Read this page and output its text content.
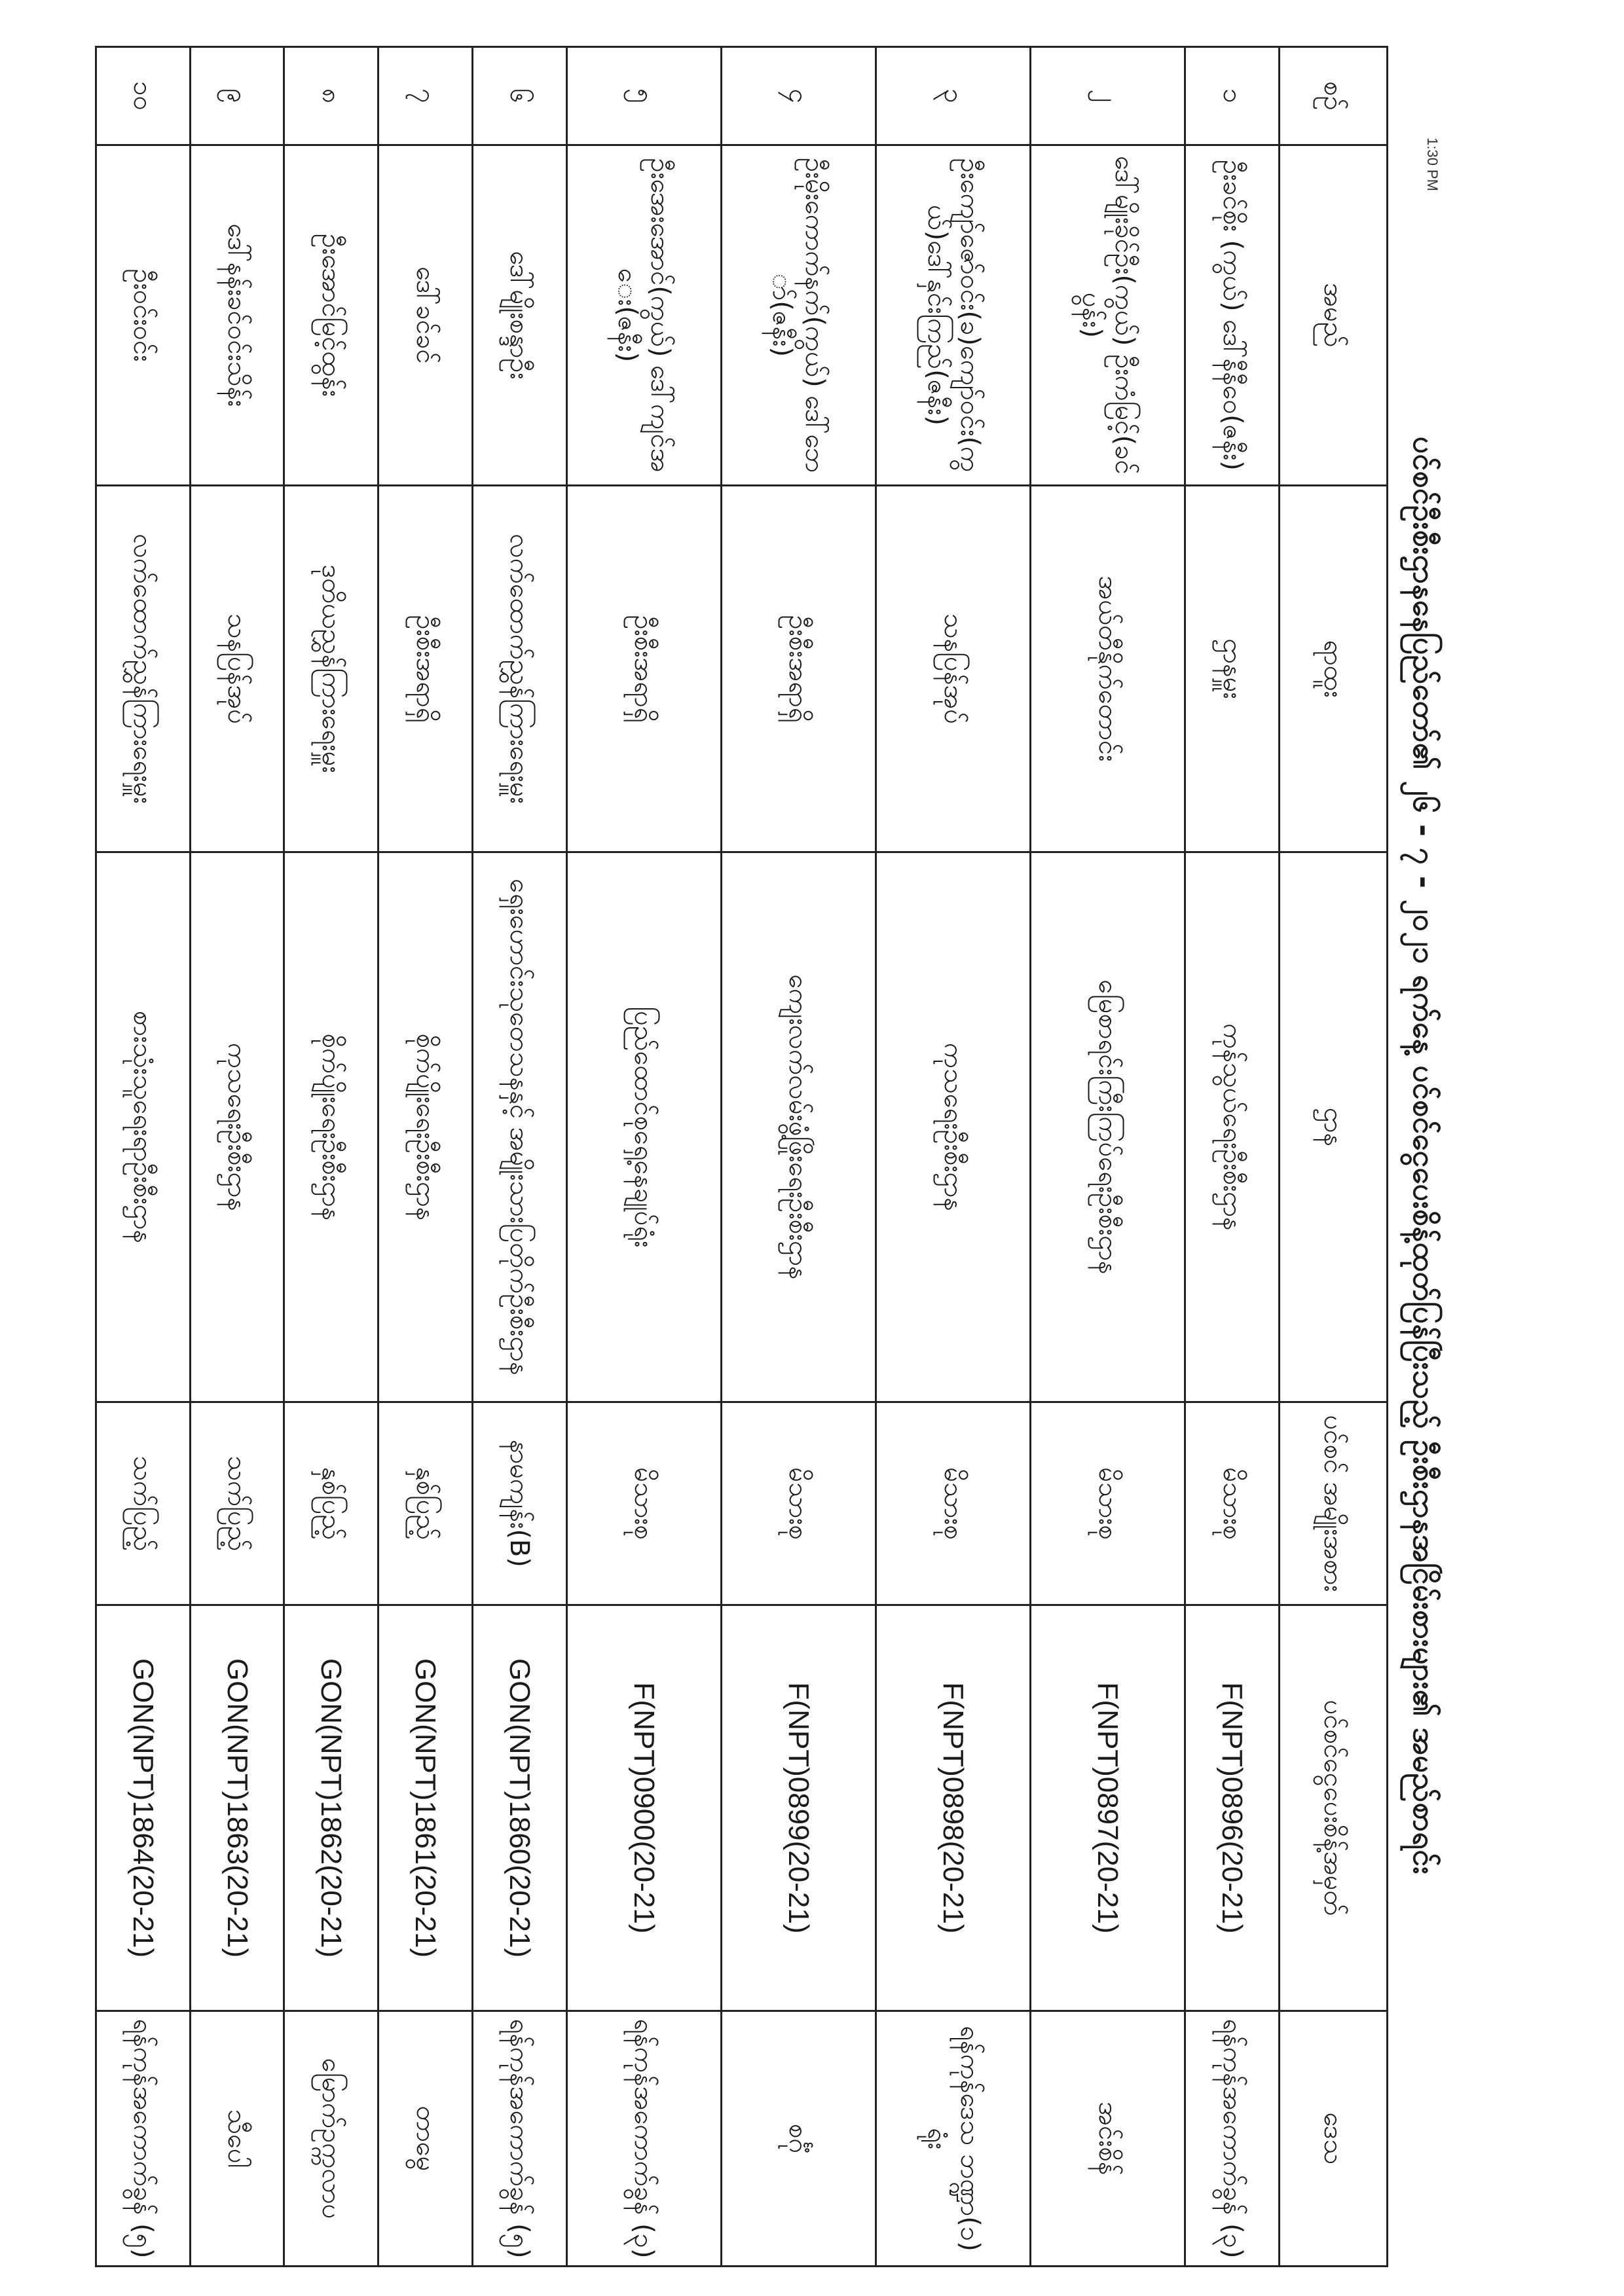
1:30 PM
ပင်စင်ဦးစီးဌာနနေပြည်တော်၏ ၂၆ - ၇ - ၂၀၂၁ ရက်နေ့ ပင်စင်ငွေပေးစိန့်ထုတ်ပြန်ပြီးသည့် ဦးစီးဌာနအငြိမ်းစားများ၏ အမည်စာရင်း
စဉ်	အမည်	ရာထူး	ဌာန	ပင်စင် အမျိုးအစား	ပင်စင်ငွေပေးစိန့်အမှတ်	ဒေသ
၁	ဦးခင်စိုး (ကွယ်) ဒေါ်နီနီဝေ(ဇနီး)	ဌာနမှူး	ကုန်သွယ်ရေးဦးစီးဌာန	မိသားစု	F(NPT)0896(20-21)	ရန်ကုန်အကောက်ခွန် (၃)
၂	ဒေါ်မျိုးခိုင်ဦး(ကွယ်) ဦးကံမြင့်(ခင်ပွန်း)	အယ်တီနိုက်တောင်း	မြေစာရင်းကြီးကြပ်ရေးဦးစီးဌာန	မိသားစု	F(NPT)0897(20-21)	အင်းစိန်
၃	ဦးကျော်ဇော်ဝင်း(ခ)ကျော်ဝင်း(ကွယ်)ဒေါ်နှင်းကြည်(ဇနီး)	သနပြန်အုပ်	ကုသရေးဦးစီးဌာန	မိသားစု	F(NPT)0898(20-21)	ရန်ကုန်ဒေသ ဘဏ္ဍာ(၁)ရုံး
၄	ဦးမိုးကောက်နက်(ကွယ်) ဒေါ်ဘော်(ဇနီး)	ဦးစီးအရာရှိ	ကျေးလက်လမ်းဖွံ့ဖြိုးရေးဦးစီးဌာန	မိသားစု	F(NPT)0899(20-21)	စင်္ဂုံ
၅	ဦးအေးအောင်(ကွယ်) ဒေါ်ကျင်အေး(ဇနီး)	ဦးစီးအရာရှိ	ပြည်ထောင်စုရှေ့နေချုပ်ရုံး	မိသားစု	F(NPT)0900(20-21)	ရန်ကုန်အကောက်ခွန် (၃)
၆	ဒေါ်မျိုးစန္ဒာဦး	လက်ထောက်ညွှန်ကြားရေးမှူး	ရှေးဟောင်းသုတေသနနှင့် အမျိုးသားပြတိုက်ဦးစီးဌာန	နာမကျန်း(B)	GON(NPT)1860(20-21)	ရန်ကုန်အကောက်ခွန် (၅)
၇	ဒေါ်ခင်ခင်	ဦးစီးအရာရှိ	စိုက်ပျိုးရေးဦးစီးဌာန	နှစ်ပြည့်	GON(NPT)1861(20-21)	တာမွေ
၈	ဦးအောင်မြင့်ထွန်း	ဒုတိယညွှန်ကြားရေးမှူး	စိုက်ပျိုးရေးဦးစီးဌာန	နှစ်ပြည့်	GON(NPT)1862(20-21)	မြောက်ဥက္ကလာပ
၉	ဒေါ်နန်းခင်ဝင်းသိန်း	သနပြန်အုပ်	ကုသရေးဦးစီးဌာန	သက်ပြည့်	GON(NPT)1863(20-21)	သီပေါ
၁၀	ဦးဝင်းဝင်း	လက်ထောက်ညွှန်ကြားရေးမှူး	စားသုံးသူရေးရာဦးစီးဌာန	သက်ပြည့်	GON(NPT)1864(20-21)	ရန်ကုန်အကောက်ခွန် (၅)
